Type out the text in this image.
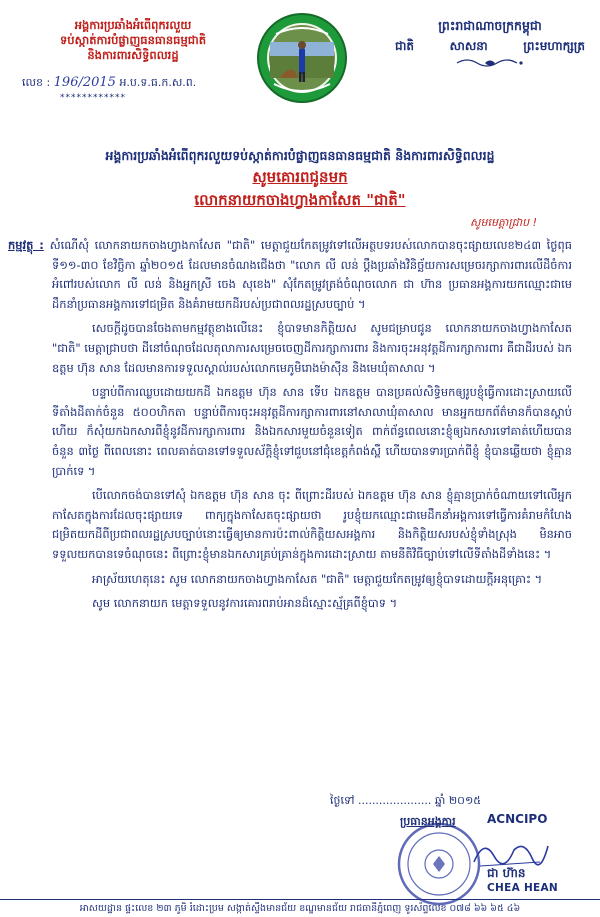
អង្គការប្រឆាំងអំពើពុករលួយ
ទប់ស្កាត់ការបំផ្លាញធនធានធម្មជាតិ
និងការពារសិទ្ធិពលរដ្ឋ
លេខ : 196/2015 អ.ប.ទ.ធ.ក.ស.ព.
************
ព្រះរាជាណាចក្រកម្ពុជា
ជាតិ	សាសនា	ព្រះមហាក្សត្រ
អង្គការប្រឆាំងអំពើពុករលួយទប់ស្កាត់ការបំផ្លាញធនធានធម្មជាតិ និងការពារសិទ្ធិពលរដ្ឋ
សូមគោរពជូនមក
លោកនាយកចាងហ្វាងកាសែត "ជាតិ"
សូមមេត្តាជ្រាប !

កម្មវត្ថុ : សំណើសុំ លោកនាយកចាងហ្វាងកាសែត "ជាតិ" មេត្តាជួយកែតម្រូវទៅលើអត្ថបទរបស់លោកបានចុះផ្សាយលេខ២៤៣ ថ្ងៃពុធ ទី១១-៣០ ខែវិច្ឆិកា ឆ្នាំ២០១៥ ដែលមានចំណងជើងថា "លោក លី លន់ ប្តឹងប្រឆាំងវិនិច្ឆ័យការសម្រេចរក្សាការពារលើដីចំការអំពៅរបស់លោក លី លន់ និងអ្នកស្រី ចេង សុខេង" សុំកែតម្រូវត្រង់ចំណុចលោក ជា ហ៊ាន ប្រធានអង្គការយកឈ្មោះជាមេដឹកនាំប្រធានអង្គការទៅជម្រិត និងគំរាមយកដីរបស់ប្រជាពលរដ្ឋស្របច្បាប់ ។

សេចក្តីដូចបានចែងតាមកម្មវត្ថុខាងលើនេះ ខ្ញុំបាទមានកិត្តិយស សូមជម្រាបជូន លោកនាយកចាងហ្វាងកាសែត "ជាតិ" មេត្តាជ្រាបថា ដីនៅចំណុចដែលតុលាការសម្រេចចេញដីការក្សាការពារ និងការចុះអនុវត្តដីការក្សាការពារ គឺជាដីរបស់ ឯកឧត្តម ហ៊ុន សាន ដែលមានការទទួលស្គាល់របស់លោកមេភូមិរោងម៉ាស៊ីន និងមេឃុំតាសាល ។

បន្ទាប់ពីការឈ្លបដោយយកដី ឯកឧត្តម ហ៊ុន សាន ទើប ឯកឧត្តម បានប្រគល់សិទ្ធិមកឲ្យរូបខ្ញុំធ្វើការដោះស្រាយលើទីតាំងដីតាក់ចំនួន ៥០០ហិកតា បន្ទាប់ពីការចុះអនុវត្តដីការក្សាការពារនៅសាលាឃុំតាសាល មានអ្នកយកព័ត៌មានក៏បានស្តាប់ហើយ ក៏សុំយកឯកសារពីខ្ញុំនូវដីការក្សាការពារ និងឯកសារមួយចំនួនទៀត ពាក់ព័ន្ធពេលនោះខ្ញុំឲ្យឯកសារទៅគាត់ហើយបានចំនួន ៣ថ្ងៃ ពីពេលនោះ ពេលគាត់បានទៅទទួលស័ក្តិខ្ញុំទៅជួបនៅជុំខេត្តកំពង់ស្ពឺ ហើយបានទារប្រាក់ពីខ្ញុំ ខ្ញុំបានឆ្លើយថា ខ្ញុំគ្មានប្រាក់ទេ ។

បើលោកចង់បានទៅសុំ ឯកឧត្តម ហ៊ុន សាន ចុះ ពីព្រោះដីរបស់ ឯកឧត្តម ហ៊ុន សាន ខ្ញុំគ្មានប្រាក់ចំណាយទៅលើអ្នកកាសែតក្នុងការដែលចុះផ្សាយទេ ពាក្យក្នុងកាសែតចុះផ្សាយថា រូបខ្ញុំយកឈ្មោះជាមេដឹកនាំអង្គការទៅធ្វើការគំរាមកំហែងជម្រិតយកដីពីប្រជាពលរដ្ឋស្របច្បាប់នោះធ្វើឲ្យមានការប៉ះពាល់កិត្តិយសអង្គការ និងកិត្តិយសរបស់ខ្ញុំទាំងស្រុង មិនអាចទទួលយកបានទេចំណុចនេះ ពីព្រោះខ្ញុំមានឯកសារគ្រប់គ្រាន់ក្នុងការដោះស្រាយ តាមនីតិវិធីច្បាប់ទៅលើទីតាំងដីទាំងនេះ ។

អាស្រ័យហេតុនេះ សូម លោកនាយកចាងហ្វាងកាសែត "ជាតិ" មេត្តាជួយកែតម្រូវឲ្យខ្ញុំបាទដោយក្តីអនុគ្រោះ ។

សូម លោកនាយក មេត្តាទទួលនូវការគោរពរាប់អានដ៏ស្មោះស្ម័គ្រពីខ្ញុំបាទ ។

ថ្ងៃទៅ ..................... ឆ្នាំ ២០១៥
ប្រធានអង្គការ	ACNCIPO
ជា ហ៊ាន
CHEA HEAN
អាសយដ្ឋាន ផ្ទះលេខ ២៣ ភូមិ រំដោះប្រម សង្កាត់ស្ទឹងមានជ័យ ខណ្ឌមានជ័យ រាជធានីភ្នំពេញ ទូរស័ព្ទលេខ ០៧៨ ៦៦ ៦៥ ៤៦
